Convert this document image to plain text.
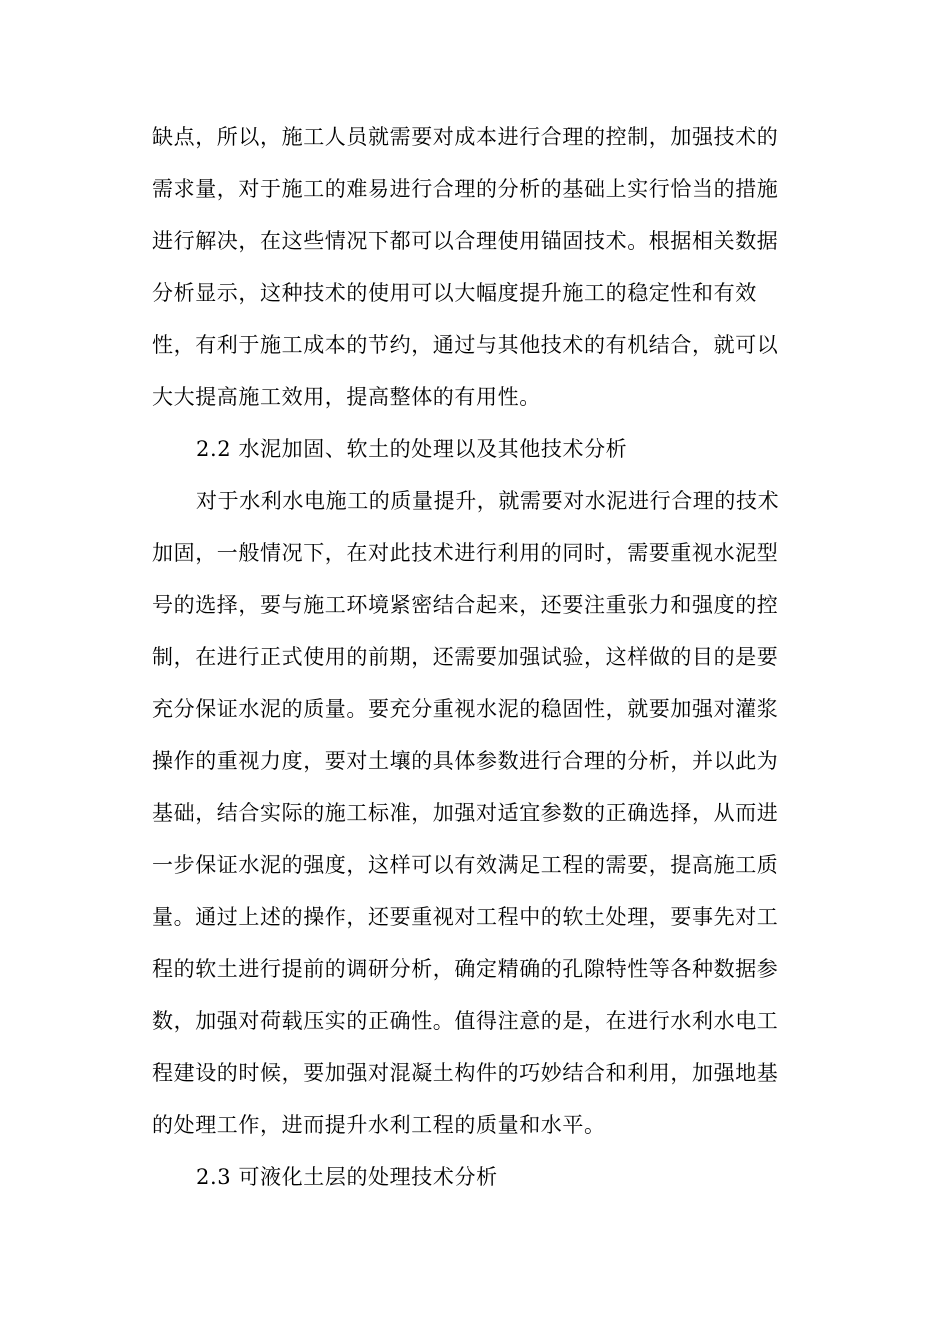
缺点，所以，施工人员就需要对成本进行合理的控制，加强技术的
需求量，对于施工的难易进行合理的分析的基础上实行恰当的措施
进行解决，在这些情况下都可以合理使用锚固技术。根据相关数据
分析显示，这种技术的使用可以大幅度提升施工的稳定性和有效
性，有利于施工成本的节约，通过与其他技术的有机结合，就可以
大大提高施工效用，提高整体的有用性。
2.2 水泥加固、软土的处理以及其他技术分析
对于水利水电施工的质量提升，就需要对水泥进行合理的技术
加固，一般情况下，在对此技术进行利用的同时，需要重视水泥型
号的选择，要与施工环境紧密结合起来，还要注重张力和强度的控
制，在进行正式使用的前期，还需要加强试验，这样做的目的是要
充分保证水泥的质量。要充分重视水泥的稳固性，就要加强对灌浆
操作的重视力度，要对土壤的具体参数进行合理的分析，并以此为
基础，结合实际的施工标准，加强对适宜参数的正确选择，从而进
一步保证水泥的强度，这样可以有效满足工程的需要，提高施工质
量。通过上述的操作，还要重视对工程中的软土处理，要事先对工
程的软土进行提前的调研分析，确定精确的孔隙特性等各种数据参
数，加强对荷载压实的正确性。值得注意的是，在进行水利水电工
程建设的时候，要加强对混凝土构件的巧妙结合和利用，加强地基
的处理工作，进而提升水利工程的质量和水平。
2.3 可液化土层的处理技术分析
